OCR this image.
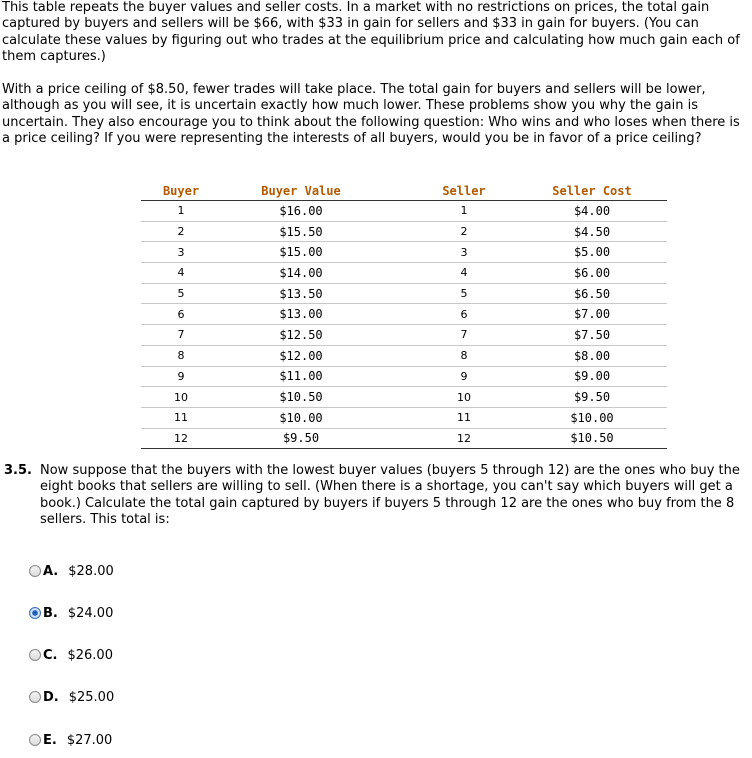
This table repeats the buyer values and seller costs. In a market with no restrictions on prices, the total gain captured by buyers and sellers will be $66, with $33 in gain for sellers and $33 in gain for buyers. (You can calculate these values by figuring out who trades at the equilibrium price and calculating how much gain each of them captures.)

With a price ceiling of $8.50, fewer trades will take place. The total gain for buyers and sellers will be lower, although as you will see, it is uncertain exactly how much lower. These problems show you why the gain is uncertain. They also encourage you to think about the following question: Who wins and who loses when there is a price ceiling? If you were representing the interests of all buyers, would you be in favor of a price ceiling?

Buyer	Buyer Value		Seller	Seller Cost
1	$16.00		1	$4.00
2	$15.50		2	$4.50
3	$15.00		3	$5.00
4	$14.00		4	$6.00
5	$13.50		5	$6.50
6	$13.00		6	$7.00
7	$12.50		7	$7.50
8	$12.00		8	$8.00
9	$11.00		9	$9.00
10	$10.50		10	$9.50
11	$10.00		11	$10.00
12	$9.50		12	$10.50
3.5. Now suppose that the buyers with the lowest buyer values (buyers 5 through 12) are the ones who buy the eight books that sellers are willing to sell. (When there is a shortage, you can't say which buyers will get a book.) Calculate the total gain captured by buyers if buyers 5 through 12 are the ones who buy from the 8 sellers. This total is:

A. $28.00
B. $24.00
C. $26.00
D. $25.00
E. $27.00
